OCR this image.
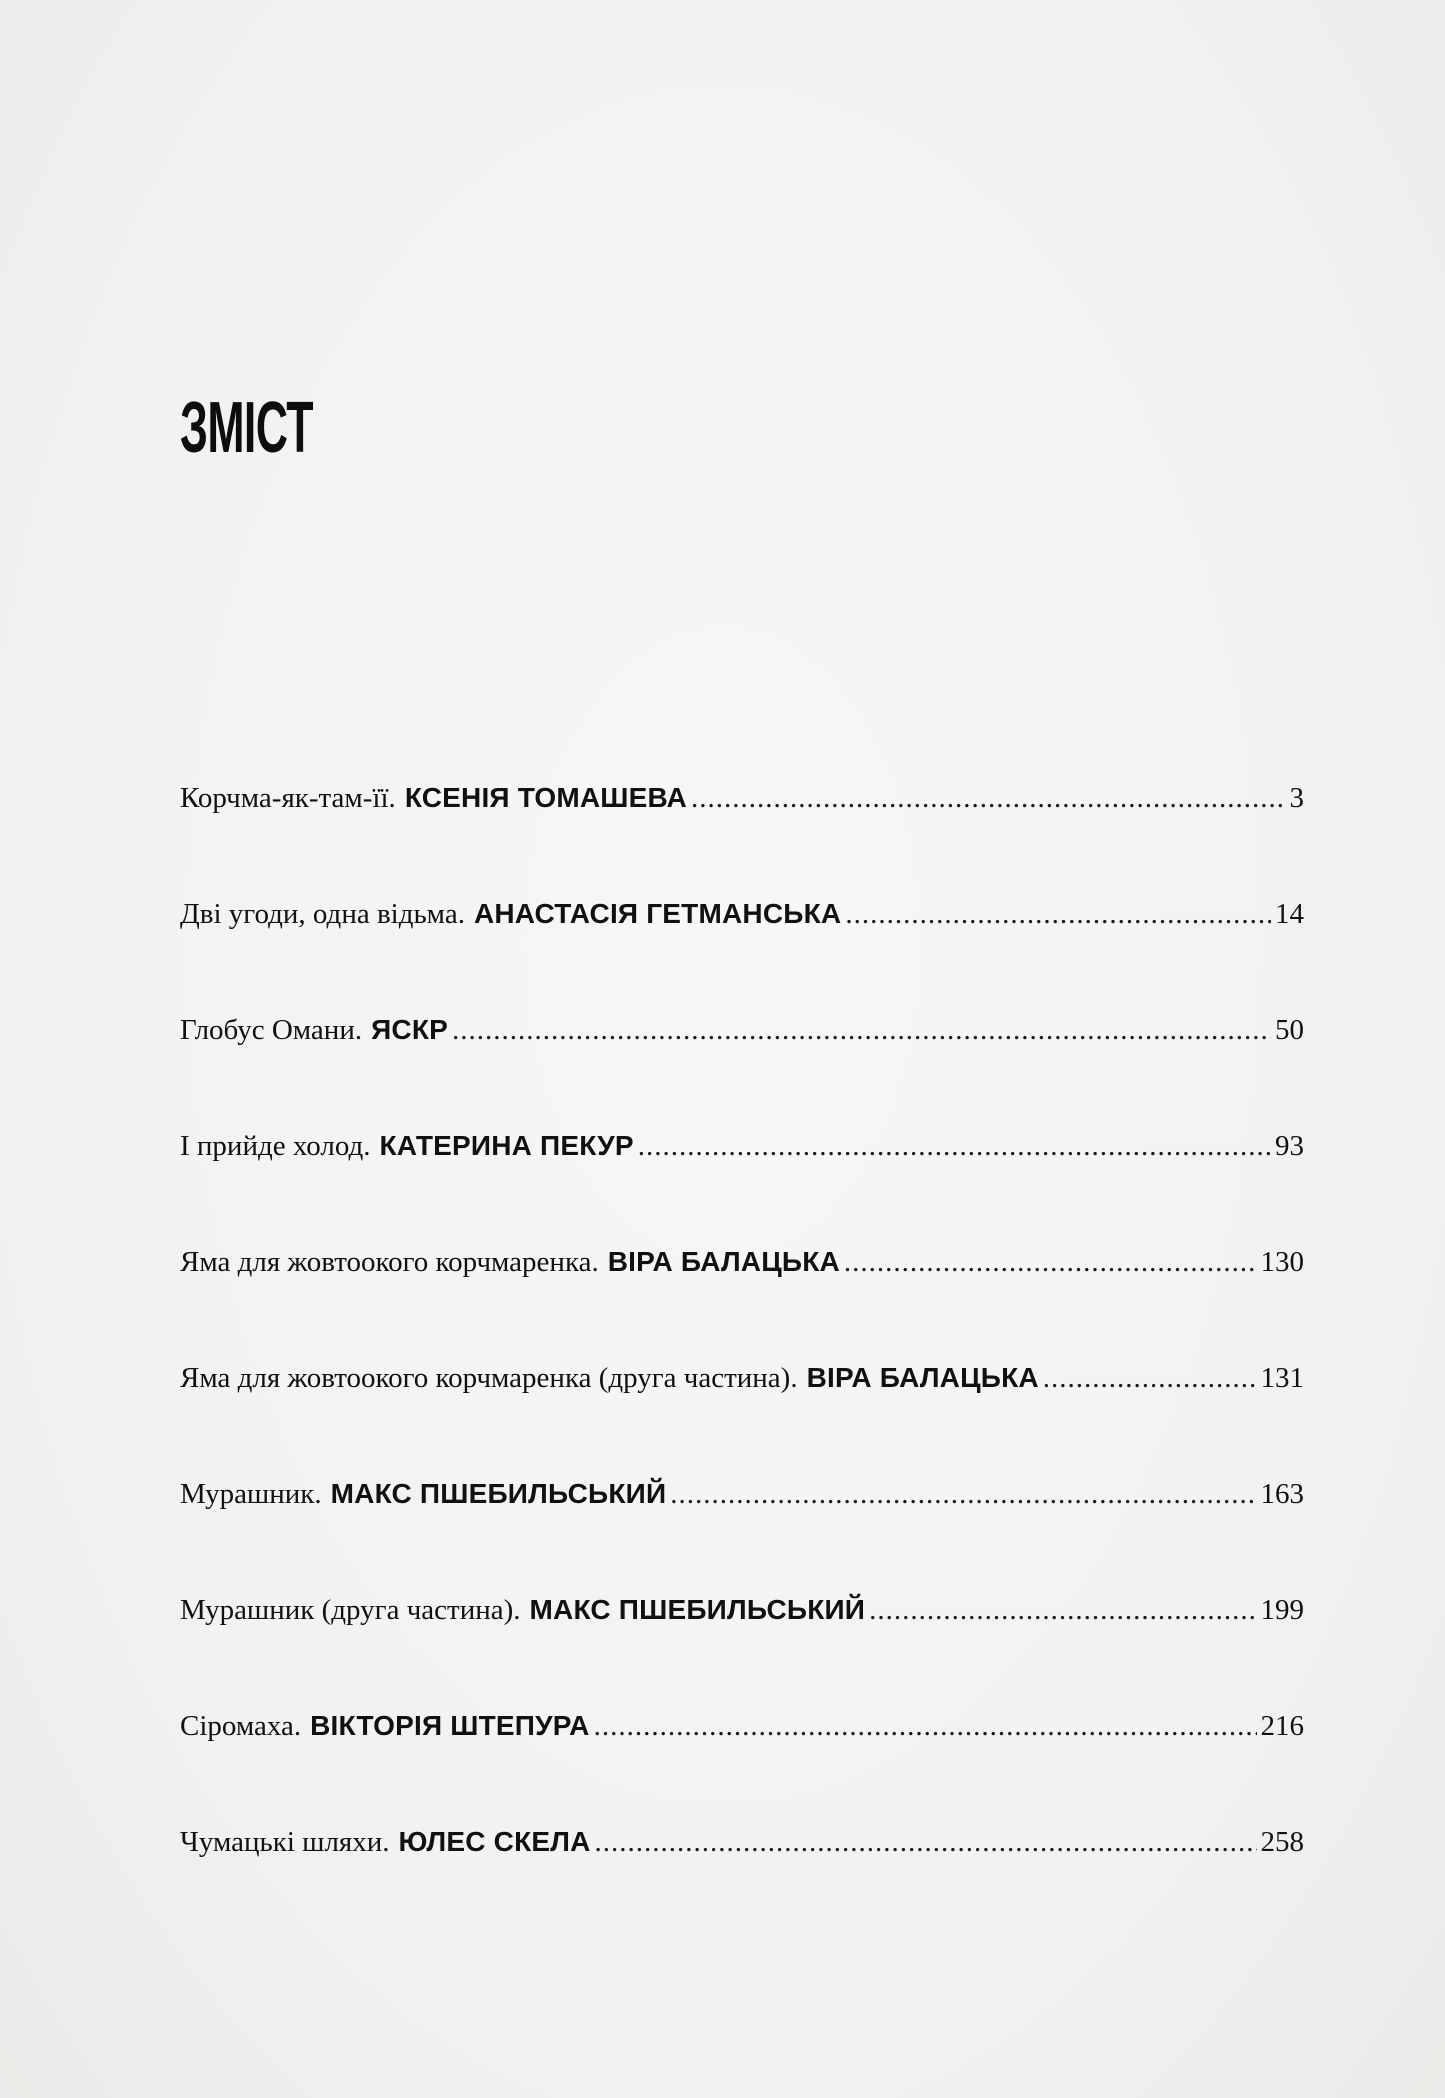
ЗМІСТ
Корчма-як-там-її. КСЕНІЯ ТОМАШЕВА .....	3
Дві угоди, одна відьма. АНАСТАСІЯ ГЕТМАНСЬКА .....	14
Глобус Омани. ЯСКР .....	50
І прийде холод. КАТЕРИНА ПЕКУР .....	93
Яма для жовтоокого корчмаренка. ВІРА БАЛАЦЬКА .....	130
Яма для жовтоокого корчмаренка (друга частина). ВІРА БАЛАЦЬКА .....	131
Мурашник. МАКС ПШЕБИЛЬСЬКИЙ .....	163
Мурашник (друга частина). МАКС ПШЕБИЛЬСЬКИЙ .....	199
Сіромаха. ВІКТОРІЯ ШТЕПУРА .....	216
Чумацькі шляхи. ЮЛЕС СКЕЛА .....	258
